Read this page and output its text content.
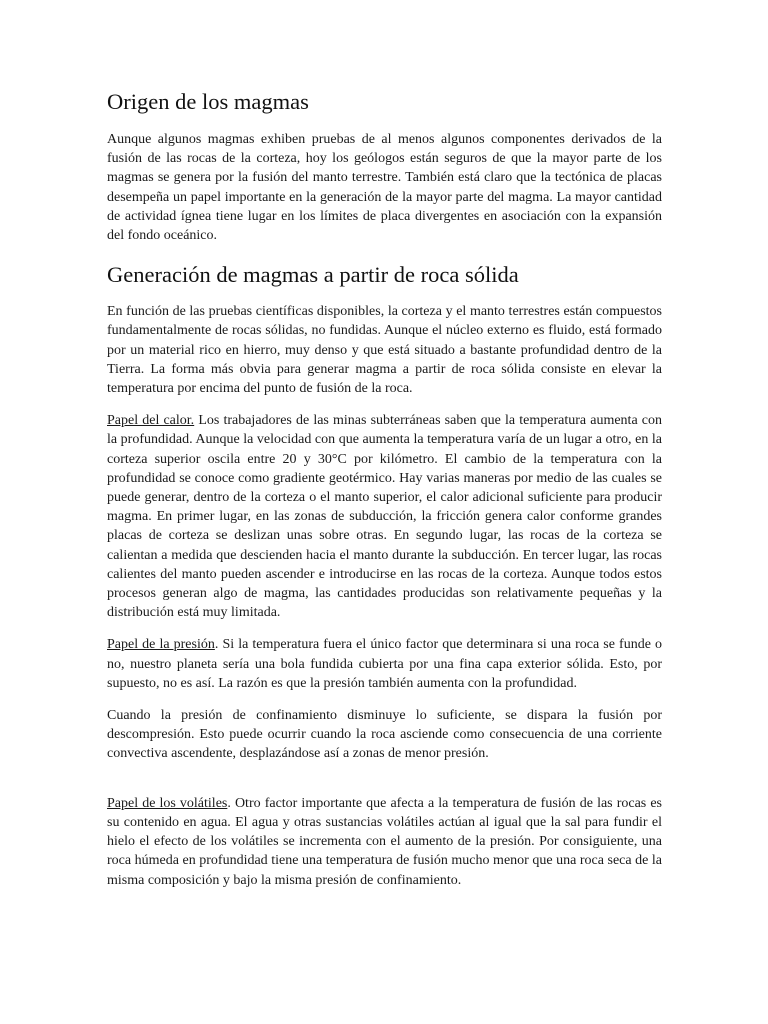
Origen de los magmas

Aunque algunos magmas exhiben pruebas de al menos algunos componentes derivados de la fusión de las rocas de la corteza, hoy los geólogos están seguros de que la mayor parte de los magmas se genera por la fusión del manto terrestre. También está claro que la tectónica de placas desempeña un papel importante en la generación de la mayor parte del magma. La mayor cantidad de actividad ígnea tiene lugar en los límites de placa divergentes en asociación con la expansión del fondo oceánico.

Generación de magmas a partir de roca sólida

En función de las pruebas científicas disponibles, la corteza y el manto terrestres están compuestos fundamentalmente de rocas sólidas, no fundidas. Aunque el núcleo externo es fluido, está formado por un material rico en hierro, muy denso y que está situado a bastante profundidad dentro de la Tierra. La forma más obvia para generar magma a partir de roca sólida consiste en elevar la temperatura por encima del punto de fusión de la roca.

Papel del calor. Los trabajadores de las minas subterráneas saben que la temperatura aumenta con la profundidad. Aunque la velocidad con que aumenta la temperatura varía de un lugar a otro, en la corteza superior oscila entre 20 y 30°C por kilómetro. El cambio de la temperatura con la profundidad se conoce como gradiente geotérmico. Hay varias maneras por medio de las cuales se puede generar, dentro de la corteza o el manto superior, el calor adicional suficiente para producir magma. En primer lugar, en las zonas de subducción, la fricción genera calor conforme grandes placas de corteza se deslizan unas sobre otras. En segundo lugar, las rocas de la corteza se calientan a medida que descienden hacia el manto durante la subducción. En tercer lugar, las rocas calientes del manto pueden ascender e introducirse en las rocas de la corteza. Aunque todos estos procesos generan algo de magma, las cantidades producidas son relativamente pequeñas y la distribución está muy limitada.

Papel de la presión. Si la temperatura fuera el único factor que determinara si una roca se funde o no, nuestro planeta sería una bola fundida cubierta por una fina capa exterior sólida. Esto, por supuesto, no es así. La razón es que la presión también aumenta con la profundidad.

Cuando la presión de confinamiento disminuye lo suficiente, se dispara la fusión por descompresión. Esto puede ocurrir cuando la roca asciende como consecuencia de una corriente convectiva ascendente, desplazándose así a zonas de menor presión.

Papel de los volátiles. Otro factor importante que afecta a la temperatura de fusión de las rocas es su contenido en agua. El agua y otras sustancias volátiles actúan al igual que la sal para fundir el hielo el efecto de los volátiles se incrementa con el aumento de la presión. Por consiguiente, una roca húmeda en profundidad tiene una temperatura de fusión mucho menor que una roca seca de la misma composición y bajo la misma presión de confinamiento.
